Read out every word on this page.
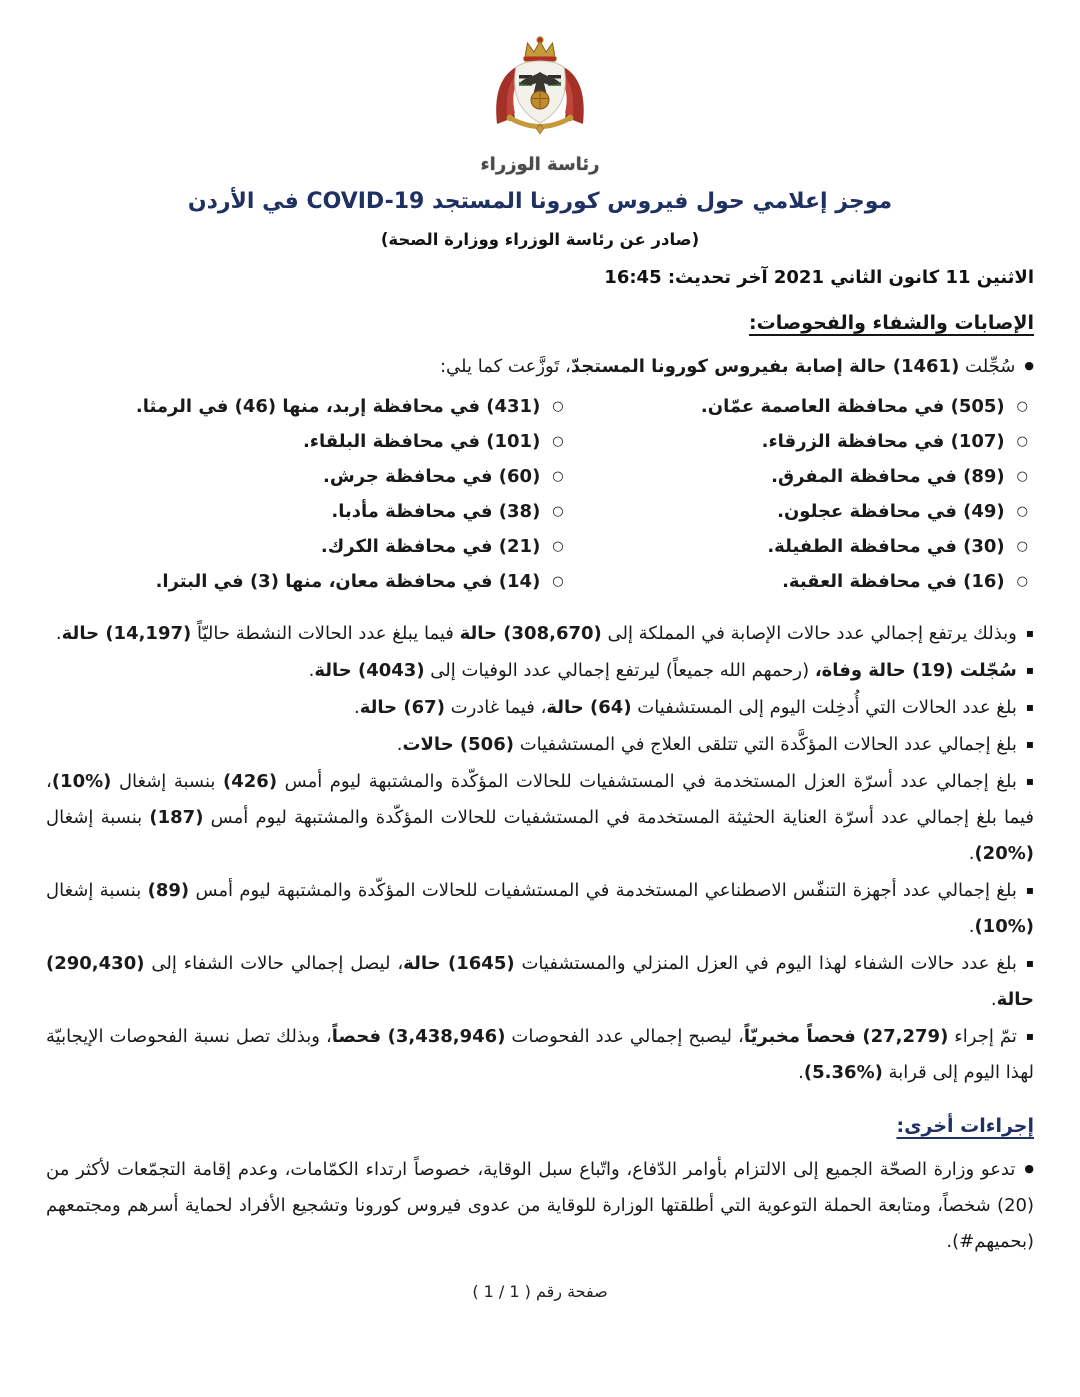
رئاسة الوزراء
موجز إعلامي حول فيروس كورونا المستجد ‪COVID-19‬ في الأردن
(صادر عن رئاسة الوزراء ووزارة الصحة)
الاثنين 11 كانون الثاني 2021 آخر تحديث: 16:45
الإصابات والشفاء والفحوصات:
●سُجِّلت (1461) حالة إصابة بفيروس كورونا المستجدّ، تَوزَّعت كما يلي:
○(505) في محافظة العاصمة عمّان.
○(107) في محافظة الزرقاء.
○(89) في محافظة المفرق.
○(49) في محافظة عجلون.
○(30) في محافظة الطفيلة.
○(16) في محافظة العقبة.
○(431) في محافظة إربد، منها (46) في الرمثا.
○(101) في محافظة البلقاء.
○(60) في محافظة جرش.
○(38) في محافظة مأدبا.
○(21) في محافظة الكرك.
○(14) في محافظة معان، منها (3) في البترا.
▪وبذلك يرتفع إجمالي عدد حالات الإصابة في المملكة إلى (308,670) حالة فيما يبلغ عدد الحالات النشطة حاليّاً (14,197) حالة.
▪سُجّلت (19) حالة وفاة، (رحمهم الله جميعاً) ليرتفع إجمالي عدد الوفيات إلى (4043) حالة.
▪بلغ عدد الحالات التي أُدخِلت اليوم إلى المستشفيات (64) حالة، فيما غادرت (67) حالة.
▪بلغ إجمالي عدد الحالات المؤكَّدة التي تتلقى العلاج في المستشفيات (506) حالات.
▪بلغ إجمالي عدد أسرّة العزل المستخدمة في المستشفيات للحالات المؤكّدة والمشتبهة ليوم أمس (426) بنسبة إشغال (%10)، فيما بلغ إجمالي عدد أسرّة العناية الحثيثة المستخدمة في المستشفيات للحالات المؤكّدة والمشتبهة ليوم أمس (187) بنسبة إشغال (%20).
▪بلغ إجمالي عدد أجهزة التنفّس الاصطناعي المستخدمة في المستشفيات للحالات المؤكّدة والمشتبهة ليوم أمس (89) بنسبة إشغال (%10).
▪بلغ عدد حالات الشفاء لهذا اليوم في العزل المنزلي والمستشفيات (1645) حالة، ليصل إجمالي حالات الشفاء إلى (290,430) حالة.
▪تمّ إجراء (27,279) فحصاً مخبريّاً، ليصبح إجمالي عدد الفحوصات (3,438,946) فحصاً، وبذلك تصل نسبة الفحوصات الإيجابيّة لهذا اليوم إلى قرابة (%5.36).
إجراءات أخرى:
●تدعو وزارة الصحّة الجميع إلى الالتزام بأوامر الدّفاع، واتّباع سبل الوقاية، خصوصاً ارتداء الكمّامات، وعدم إقامة التجمّعات لأكثر من (20) شخصاً، ومتابعة الحملة التوعوية التي أطلقتها الوزارة للوقاية من عدوى فيروس كورونا وتشجيع الأفراد لحماية أسرهم ومجتمعهم (‪#بحميهم‬).
صفحة رقم ( 1 / 1 )
